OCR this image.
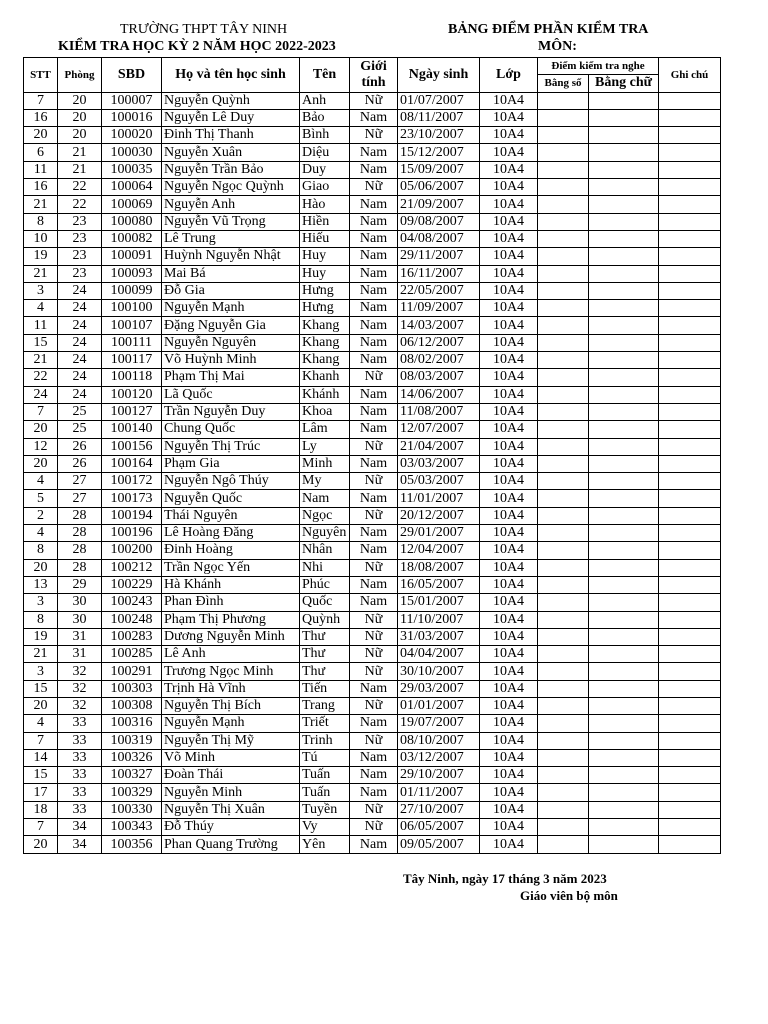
TRƯỜNG THPT TÂY NINH
KIỂM TRA HỌC KỲ 2 NĂM HỌC 2022-2023
BẢNG ĐIỂM PHẦN KIỂM TRA
MÔN:
STT	Phòng	SBD	Họ và tên học sinh	Tên	Giới tính	Ngày sinh	Lớp	Điểm kiểm tra nghe		Ghi chú
								Bằng số	Bằng chữ	
7	20	100007	Nguyễn Quỳnh	Anh	Nữ	01/07/2007	10A4			
16	20	100016	Nguyễn Lê Duy	Bảo	Nam	08/11/2007	10A4			
20	20	100020	Đinh Thị Thanh	Bình	Nữ	23/10/2007	10A4			
6	21	100030	Nguyễn Xuân	Diệu	Nam	15/12/2007	10A4			
11	21	100035	Nguyễn Trần Bảo	Duy	Nam	15/09/2007	10A4			
16	22	100064	Nguyễn Ngọc Quỳnh	Giao	Nữ	05/06/2007	10A4			
21	22	100069	Nguyễn Anh	Hào	Nam	21/09/2007	10A4			
8	23	100080	Nguyễn Vũ Trọng	Hiền	Nam	09/08/2007	10A4			
10	23	100082	Lê Trung	Hiếu	Nam	04/08/2007	10A4			
19	23	100091	Huỳnh Nguyễn Nhật	Huy	Nam	29/11/2007	10A4			
21	23	100093	Mai Bá	Huy	Nam	16/11/2007	10A4			
3	24	100099	Đỗ Gia	Hưng	Nam	22/05/2007	10A4			
4	24	100100	Nguyễn Mạnh	Hưng	Nam	11/09/2007	10A4			
11	24	100107	Đặng Nguyễn Gia	Khang	Nam	14/03/2007	10A4			
15	24	100111	Nguyễn Nguyên	Khang	Nam	06/12/2007	10A4			
21	24	100117	Võ Huỳnh Minh	Khang	Nam	08/02/2007	10A4			
22	24	100118	Phạm Thị Mai	Khanh	Nữ	08/03/2007	10A4			
24	24	100120	Lã Quốc	Khánh	Nam	14/06/2007	10A4			
7	25	100127	Trần Nguyễn Duy	Khoa	Nam	11/08/2007	10A4			
20	25	100140	Chung Quốc	Lâm	Nam	12/07/2007	10A4			
12	26	100156	Nguyễn Thị Trúc	Ly	Nữ	21/04/2007	10A4			
20	26	100164	Phạm Gia	Minh	Nam	03/03/2007	10A4			
4	27	100172	Nguyễn Ngô Thúy	My	Nữ	05/03/2007	10A4			
5	27	100173	Nguyễn Quốc	Nam	Nam	11/01/2007	10A4			
2	28	100194	Thái Nguyên	Ngọc	Nữ	20/12/2007	10A4			
4	28	100196	Lê Hoàng Đăng	Nguyên	Nam	29/01/2007	10A4			
8	28	100200	Đinh Hoàng	Nhân	Nam	12/04/2007	10A4			
20	28	100212	Trần Ngọc Yến	Nhi	Nữ	18/08/2007	10A4			
13	29	100229	Hà Khánh	Phúc	Nam	16/05/2007	10A4			
3	30	100243	Phan Đình	Quốc	Nam	15/01/2007	10A4			
8	30	100248	Phạm Thị Phương	Quỳnh	Nữ	11/10/2007	10A4			
19	31	100283	Dương Nguyễn Minh	Thư	Nữ	31/03/2007	10A4			
21	31	100285	Lê Anh	Thư	Nữ	04/04/2007	10A4			
3	32	100291	Trương Ngọc Minh	Thư	Nữ	30/10/2007	10A4			
15	32	100303	Trịnh Hà Vĩnh	Tiến	Nam	29/03/2007	10A4			
20	32	100308	Nguyễn Thị Bích	Trang	Nữ	01/01/2007	10A4			
4	33	100316	Nguyễn Mạnh	Triết	Nam	19/07/2007	10A4			
7	33	100319	Nguyễn Thị Mỹ	Trinh	Nữ	08/10/2007	10A4			
14	33	100326	Võ Minh	Tú	Nam	03/12/2007	10A4			
15	33	100327	Đoàn Thái	Tuấn	Nam	29/10/2007	10A4			
17	33	100329	Nguyễn Minh	Tuấn	Nam	01/11/2007	10A4			
18	33	100330	Nguyễn Thị Xuân	Tuyền	Nữ	27/10/2007	10A4			
7	34	100343	Đỗ Thúy	Vy	Nữ	06/05/2007	10A4			
20	34	100356	Phan Quang Trường	Yên	Nam	09/05/2007	10A4			
Tây Ninh, ngày 17 tháng 3 năm 2023
Giáo viên bộ môn
